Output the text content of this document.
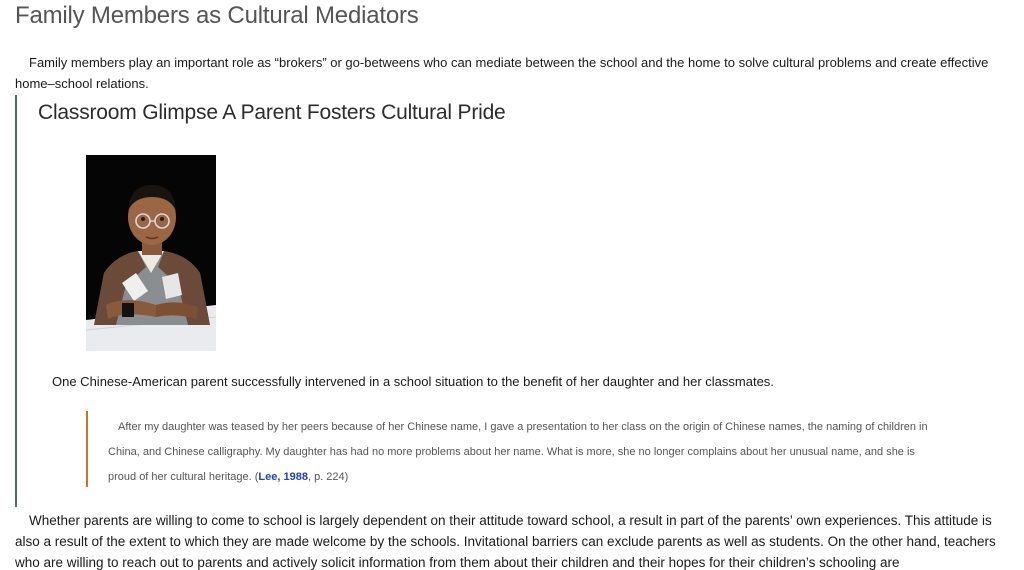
Family Members as Cultural Mediators

Family members play an important role as “brokers” or go-betweens who can mediate between the school and the home to solve cultural problems and create effective home–school relations.

Classroom Glimpse A Parent Fosters Cultural Pride

One Chinese-American parent successfully intervened in a school situation to the benefit of her daughter and her classmates.

After my daughter was teased by her peers because of her Chinese name, I gave a presentation to her class on the origin of Chinese names, the naming of children in China, and Chinese calligraphy. My daughter has had no more problems about her name. What is more, she no longer complains about her unusual name, and she is proud of her cultural heritage. (Lee, 1988, p. 224)

Whether parents are willing to come to school is largely dependent on their attitude toward school, a result in part of the parents’ own experiences. This attitude is also a result of the extent to which they are made welcome by the schools. Invitational barriers can exclude parents as well as students. On the other hand, teachers who are willing to reach out to parents and actively solicit information from them about their children and their hopes for their children’s schooling are
